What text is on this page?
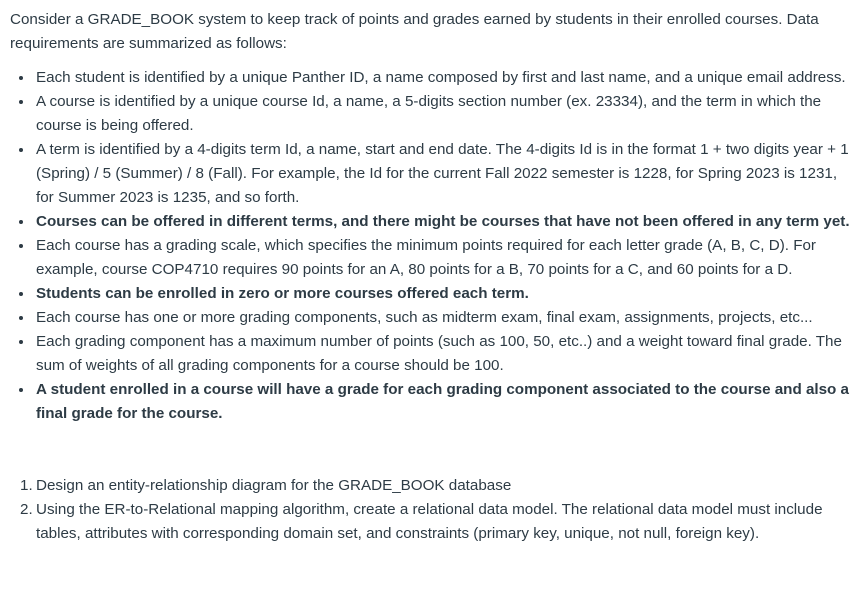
Consider a GRADE_BOOK system to keep track of points and grades earned by students in their enrolled courses. Data requirements are summarized as follows:

Each student is identified by a unique Panther ID, a name composed by first and last name, and a unique email address.
A course is identified by a unique course Id, a name, a 5-digits section number (ex. 23334), and the term in which the course is being offered.
A term is identified by a 4-digits term Id, a name, start and end date. The 4-digits Id is in the format 1 + two digits year + 1 (Spring) / 5 (Summer) / 8 (Fall). For example, the Id for the current Fall 2022 semester is 1228, for Spring 2023 is 1231, for Summer 2023 is 1235, and so forth.
Courses can be offered in different terms, and there might be courses that have not been offered in any term yet.
Each course has a grading scale, which specifies the minimum points required for each letter grade (A, B, C, D). For example, course COP4710 requires 90 points for an A, 80 points for a B, 70 points for a C, and 60 points for a D.
Students can be enrolled in zero or more courses offered each term.
Each course has one or more grading components, such as midterm exam, final exam, assignments, projects, etc...
Each grading component has a maximum number of points (such as 100, 50, etc..) and a weight toward final grade. The sum of weights of all grading components for a course should be 100.
A student enrolled in a course will have a grade for each grading component associated to the course and also a final grade for the course.
1. Design an entity-relationship diagram for the GRADE_BOOK database
2. Using the ER-to-Relational mapping algorithm, create a relational data model. The relational data model must include tables, attributes with corresponding domain set, and constraints (primary key, unique, not null, foreign key).
